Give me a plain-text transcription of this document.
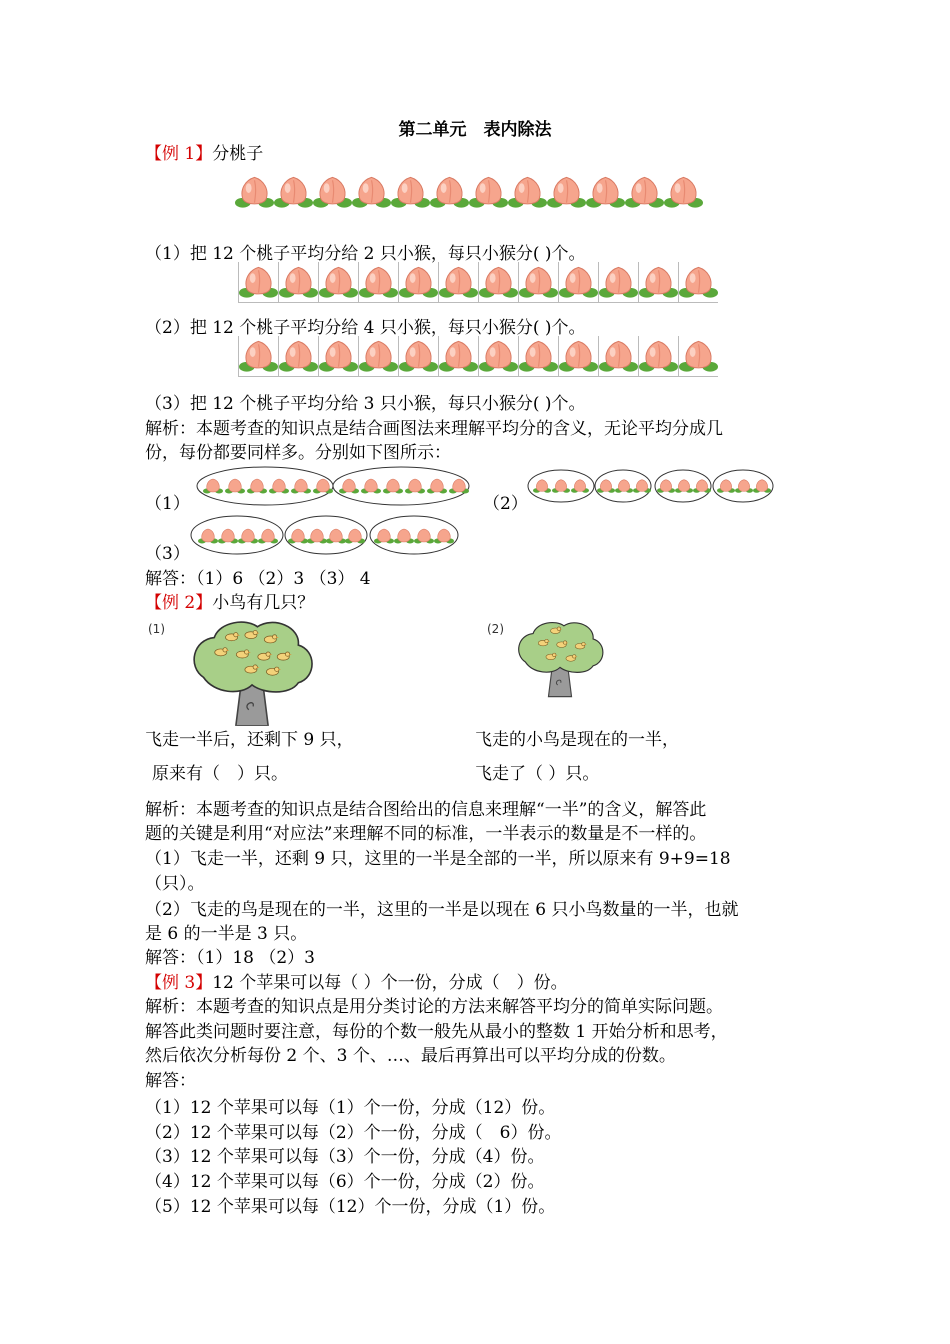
第二单元　表内除法
【例 1】分桃子
（1）把 12 个桃子平均分给 2 只小猴，每只小猴分( )个。
（2）把 12 个桃子平均分给 4 只小猴，每只小猴分( )个。
（3）把 12 个桃子平均分给 3 只小猴，每只小猴分( )个。
解析：本题考查的知识点是结合画图法来理解平均分的含义，无论平均分成几
份，每份都要同样多。分别如下图所示：
（1）	（2）
（3）
解答：（1）6 （2）3 （3） 4
【例 2】小鸟有几只？
(1)	(2)
飞走一半后，还剩下 9 只，	飞走的小鸟是现在的一半，
原来有（　）只。	飞走了（ ）只。
解析：本题考查的知识点是结合图给出的信息来理解“一半”的含义，解答此
题的关键是利用“对应法”来理解不同的标准，一半表示的数量是不一样的。
（1）飞走一半，还剩 9 只，这里的一半是全部的一半，所以原来有 9+9=18
（只）。
（2）飞走的鸟是现在的一半，这里的一半是以现在 6 只小鸟数量的一半，也就
是 6 的一半是 3 只。
解答：（1）18 （2）3
【例 3】12 个苹果可以每（ ）个一份，分成（　）份。
解析：本题考查的知识点是用分类讨论的方法来解答平均分的简单实际问题。
解答此类问题时要注意，每份的个数一般先从最小的整数 1 开始分析和思考，
然后依次分析每份 2 个、3 个、…、最后再算出可以平均分成的份数。
解答：
（1）12 个苹果可以每（1）个一份，分成（12）份。
（2）12 个苹果可以每（2）个一份，分成（　6）份。
（3）12 个苹果可以每（3）个一份，分成（4）份。
（4）12 个苹果可以每（6）个一份，分成（2）份。
（5）12 个苹果可以每（12）个一份，分成（1）份。
